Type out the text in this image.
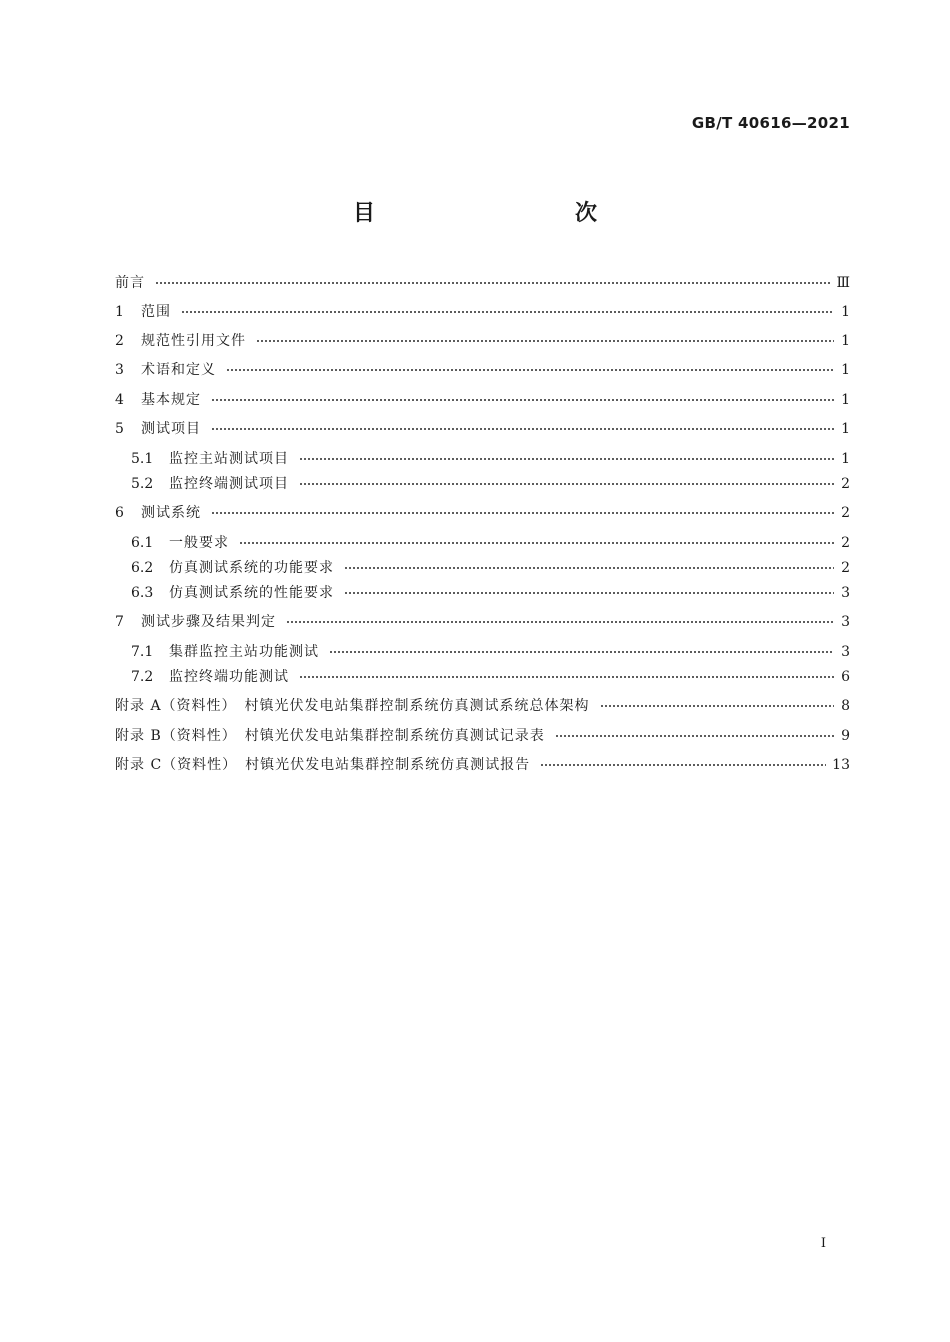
GB/T 40616—2021
目　　次
前言	Ⅲ
1	范围	1
2	规范性引用文件	1
3	术语和定义	1
4	基本规定	1
5	测试项目	1
5.1	监控主站测试项目	1
5.2	监控终端测试项目	2
6	测试系统	2
6.1	一般要求	2
6.2	仿真测试系统的功能要求	2
6.3	仿真测试系统的性能要求	3
7	测试步骤及结果判定	3
7.1	集群监控主站功能测试	3
7.2	监控终端功能测试	6
附录 A（资料性）　村镇光伏发电站集群控制系统仿真测试系统总体架构	8
附录 B（资料性）　村镇光伏发电站集群控制系统仿真测试记录表	9
附录 C（资料性）　村镇光伏发电站集群控制系统仿真测试报告	13
Ⅰ
